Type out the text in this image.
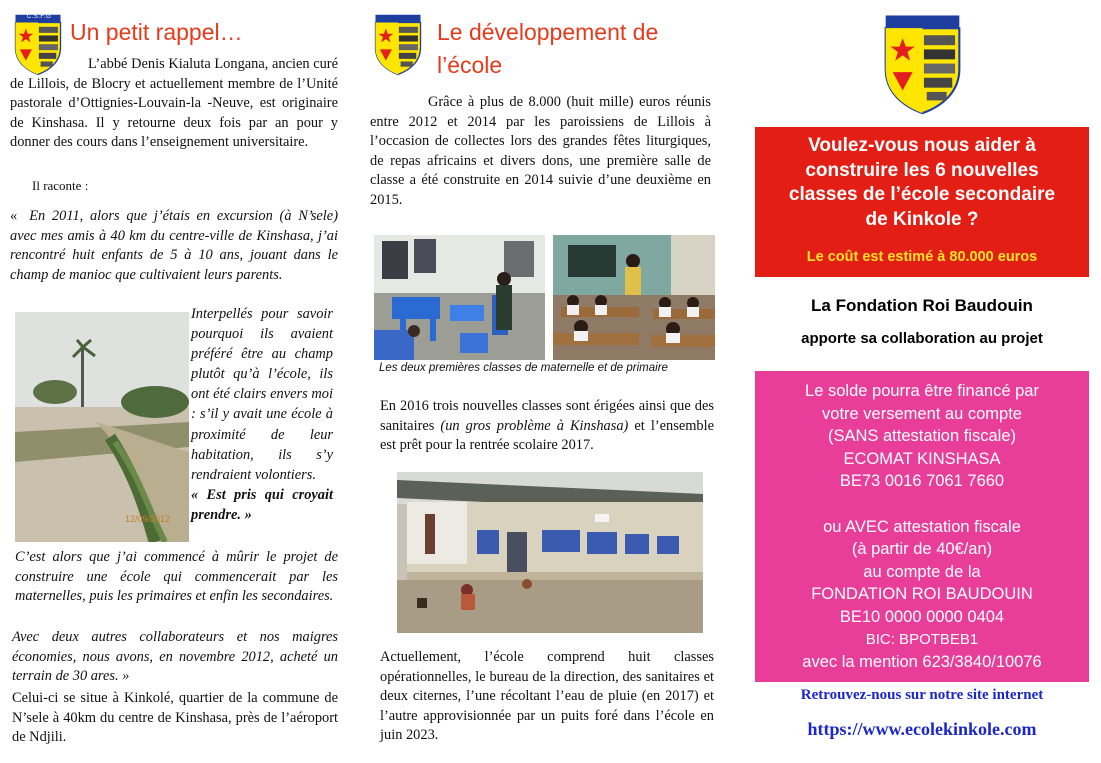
C.S.F.G
Un petit rappel…

L’abbé Denis Kialuta Longana, ancien curé de Lillois, de Blocry et actuellement membre de l’Unité pastorale d’Ottignies-Louvain-la -Neuve, est originaire de Kinshasa. Il y retourne deux fois par an pour y donner des cours dans l’enseignement universitaire.

Il raconte :

« En 2011, alors que j’étais en excursion (à N’sele) avec mes amis à 40 km du centre-ville de Kinshasa, j’ai rencontré huit enfants de 5 à 10 ans, jouant dans le champ de manioc que cultivaient leurs parents.

12/09/2012

Interpellés pour savoir pourquoi ils avaient préféré être au champ plutôt qu’à l’école, ils ont été clairs envers moi : s’il y avait une école à proximité de leur habitation, ils s’y rendraient volontiers.
« Est pris qui croyait prendre. »

C’est alors que j’ai commencé à mûrir le projet de construire une école qui commencerait par les maternelles, puis les primaires et enfin les secondaires.

Avec deux autres collaborateurs et nos maigres économies, nous avons, en novembre 2012, acheté un terrain de 30 ares. »

Celui-ci se situe à Kinkolé, quartier de la commune de N’sele à 40km du centre de Kinshasa, près de l’aéroport de Ndjili.

Le développement de
l’école

Grâce à plus de 8.000 (huit mille) euros réunis entre 2012 et 2014 par les paroissiens de Lillois à l’occasion de collectes lors des grandes fêtes liturgiques, de repas africains et divers dons, une première salle de classe a été construite en 2014 suivie d’une deuxième en 2015.

Les deux premières classes de maternelle et de primaire

En 2016 trois nouvelles classes sont érigées ainsi que des sanitaires (un gros problème à Kinshasa) et l’ensemble est prêt pour la rentrée scolaire 2017.

Actuellement, l’école comprend huit classes opérationnelles, le bureau de la direction, des sanitaires et deux citernes, l’une récoltant l’eau de pluie (en 2017) et l’autre approvisionnée par un puits foré dans l’école en juin 2023.

Voulez-vous nous aider à construire les 6 nouvelles classes de l’école secondaire de Kinkole ?
Le coût est estimé à 80.000 euros
La Fondation Roi Baudouin
apporte sa collaboration au projet
Le solde pourra être financé par
votre versement au compte
(SANS attestation fiscale)
ECOMAT KINSHASA
BE73 0016 7061 7660
ou AVEC attestation fiscale
(à partir de 40€/an)
au compte de la
FONDATION ROI BAUDOUIN
BE10 0000 0000 0404
BIC: BPOTBEB1
avec la mention 623/3840/10076
Retrouvez-nous sur notre site internet
https://www.ecolekinkole.com
